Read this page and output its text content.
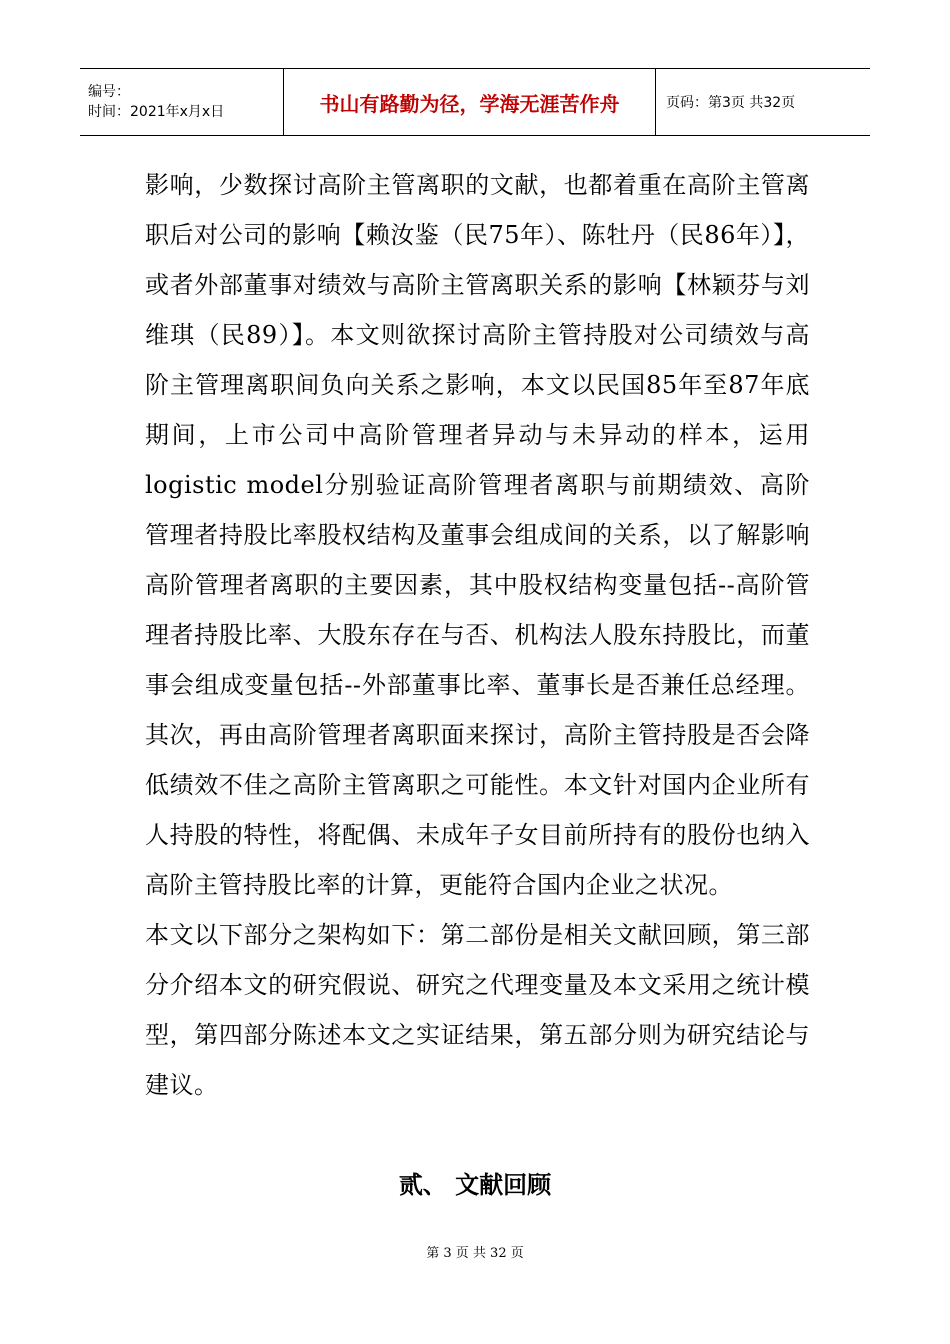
编号：
时间：2021年x月x日	书山有路勤为径，学海无涯苦作舟	页码：第3页 共32页

影响，少数探讨高阶主管离职的文献，也都着重在高阶主管离职后对公司的影响【赖汝鉴（民75年）、陈牡丹（民86年）】，或者外部董事对绩效与高阶主管离职关系的影响【林颖芬与刘维琪（民89）】。本文则欲探讨高阶主管持股对公司绩效与高阶主管理离职间负向关系之影响，本文以民国85年至87年底期间，上市公司中高阶管理者异动与未异动的样本，运用logistic model分别验证高阶管理者离职与前期绩效、高阶管理者持股比率股权结构及董事会组成间的关系，以了解影响高阶管理者离职的主要因素，其中股权结构变量包括--高阶管理者持股比率、大股东存在与否、机构法人股东持股比，而董事会组成变量包括--外部董事比率、董事长是否兼任总经理。其次，再由高阶管理者离职面来探讨，高阶主管持股是否会降低绩效不佳之高阶主管离职之可能性。本文针对国内企业所有人持股的特性，将配偶、未成年子女目前所持有的股份也纳入高阶主管持股比率的计算，更能符合国内企业之状况。

本文以下部分之架构如下：第二部份是相关文献回顾，第三部分介绍本文的研究假说、研究之代理变量及本文采用之统计模型，第四部分陈述本文之实证结果，第五部分则为研究结论与建议。

贰、 文献回顾
第 3 页 共 32 页
